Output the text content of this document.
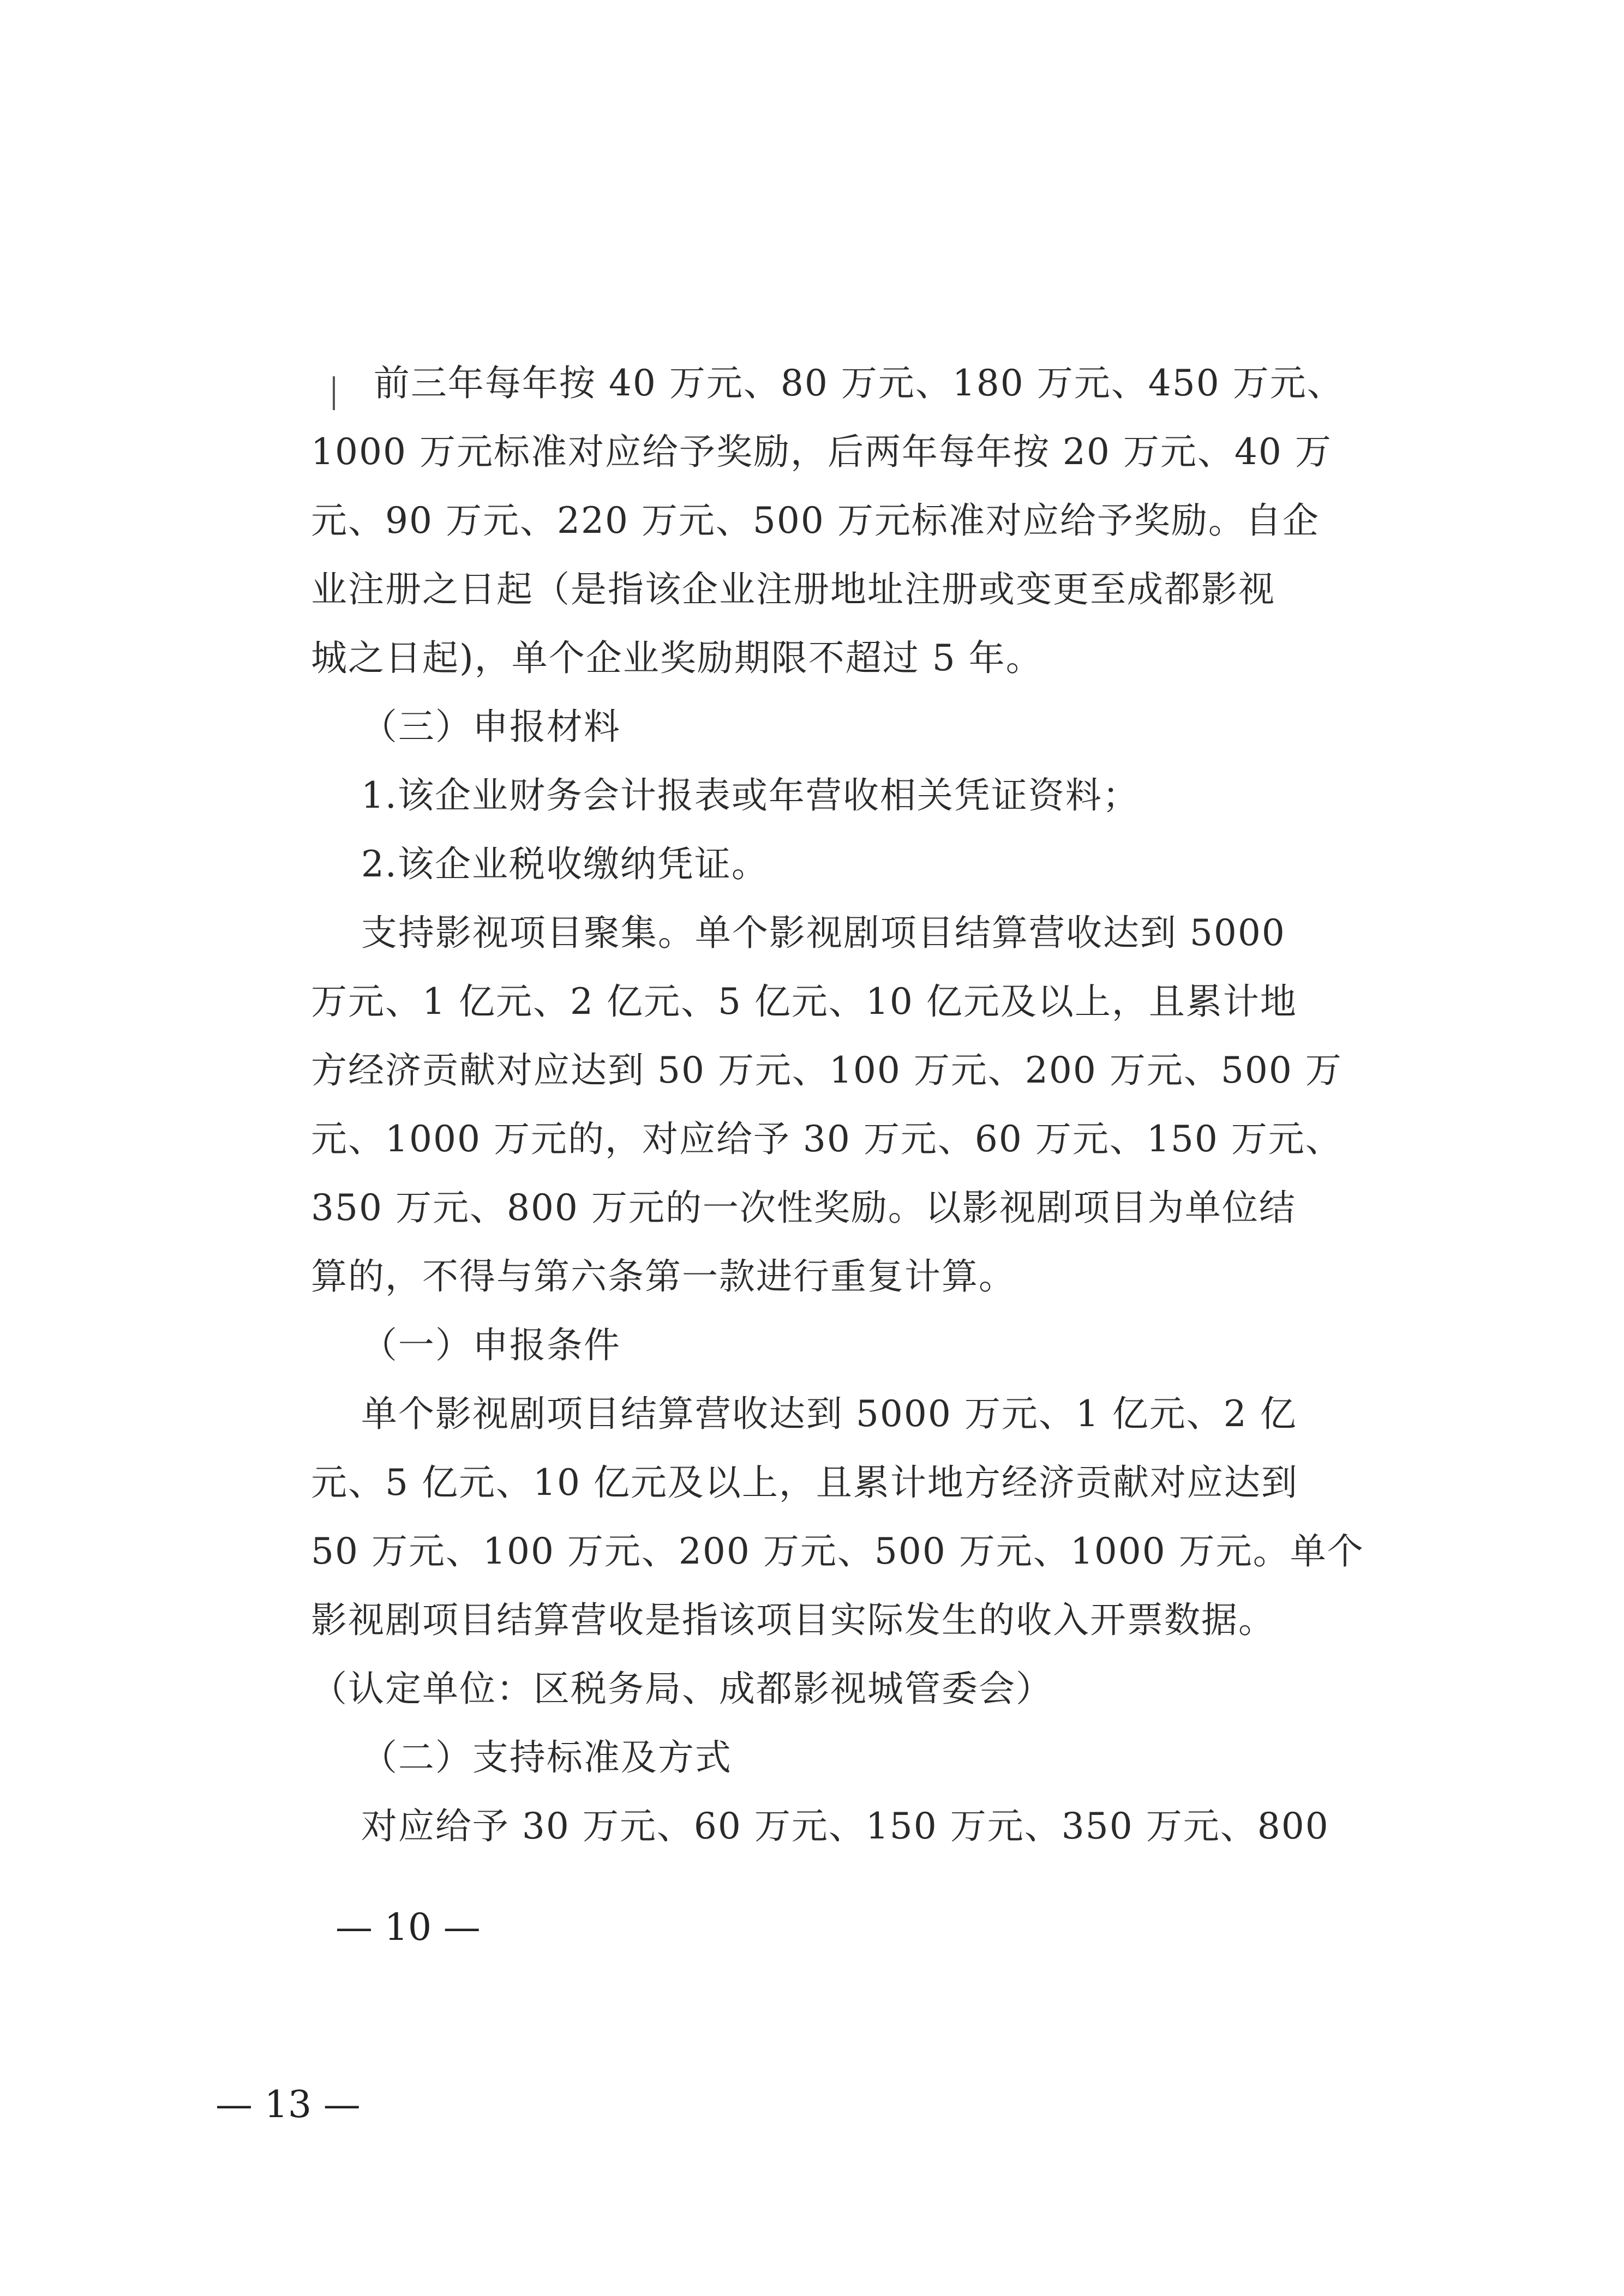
前三年每年按 40 万元、80 万元、180 万元、450 万元、
1000 万元标准对应给予奖励，后两年每年按 20 万元、40 万
元、90 万元、220 万元、500 万元标准对应给予奖励。自企
业注册之日起（是指该企业注册地址注册或变更至成都影视
城之日起)，单个企业奖励期限不超过 5 年。
（三）申报材料
1.该企业财务会计报表或年营收相关凭证资料；
2.该企业税收缴纳凭证。
支持影视项目聚集。单个影视剧项目结算营收达到 5000
万元、1 亿元、2 亿元、5 亿元、10 亿元及以上，且累计地
方经济贡献对应达到 50 万元、100 万元、200 万元、500 万
元、1000 万元的，对应给予 30 万元、60 万元、150 万元、
350 万元、800 万元的一次性奖励。以影视剧项目为单位结
算的，不得与第六条第一款进行重复计算。
（一）申报条件
单个影视剧项目结算营收达到 5000 万元、1 亿元、2 亿
元、5 亿元、10 亿元及以上，且累计地方经济贡献对应达到
50 万元、100 万元、200 万元、500 万元、1000 万元。单个
影视剧项目结算营收是指该项目实际发生的收入开票数据。
（认定单位：区税务局、成都影视城管委会）
（二）支持标准及方式
对应给予 30 万元、60 万元、150 万元、350 万元、800
— 10 —
— 13 —
